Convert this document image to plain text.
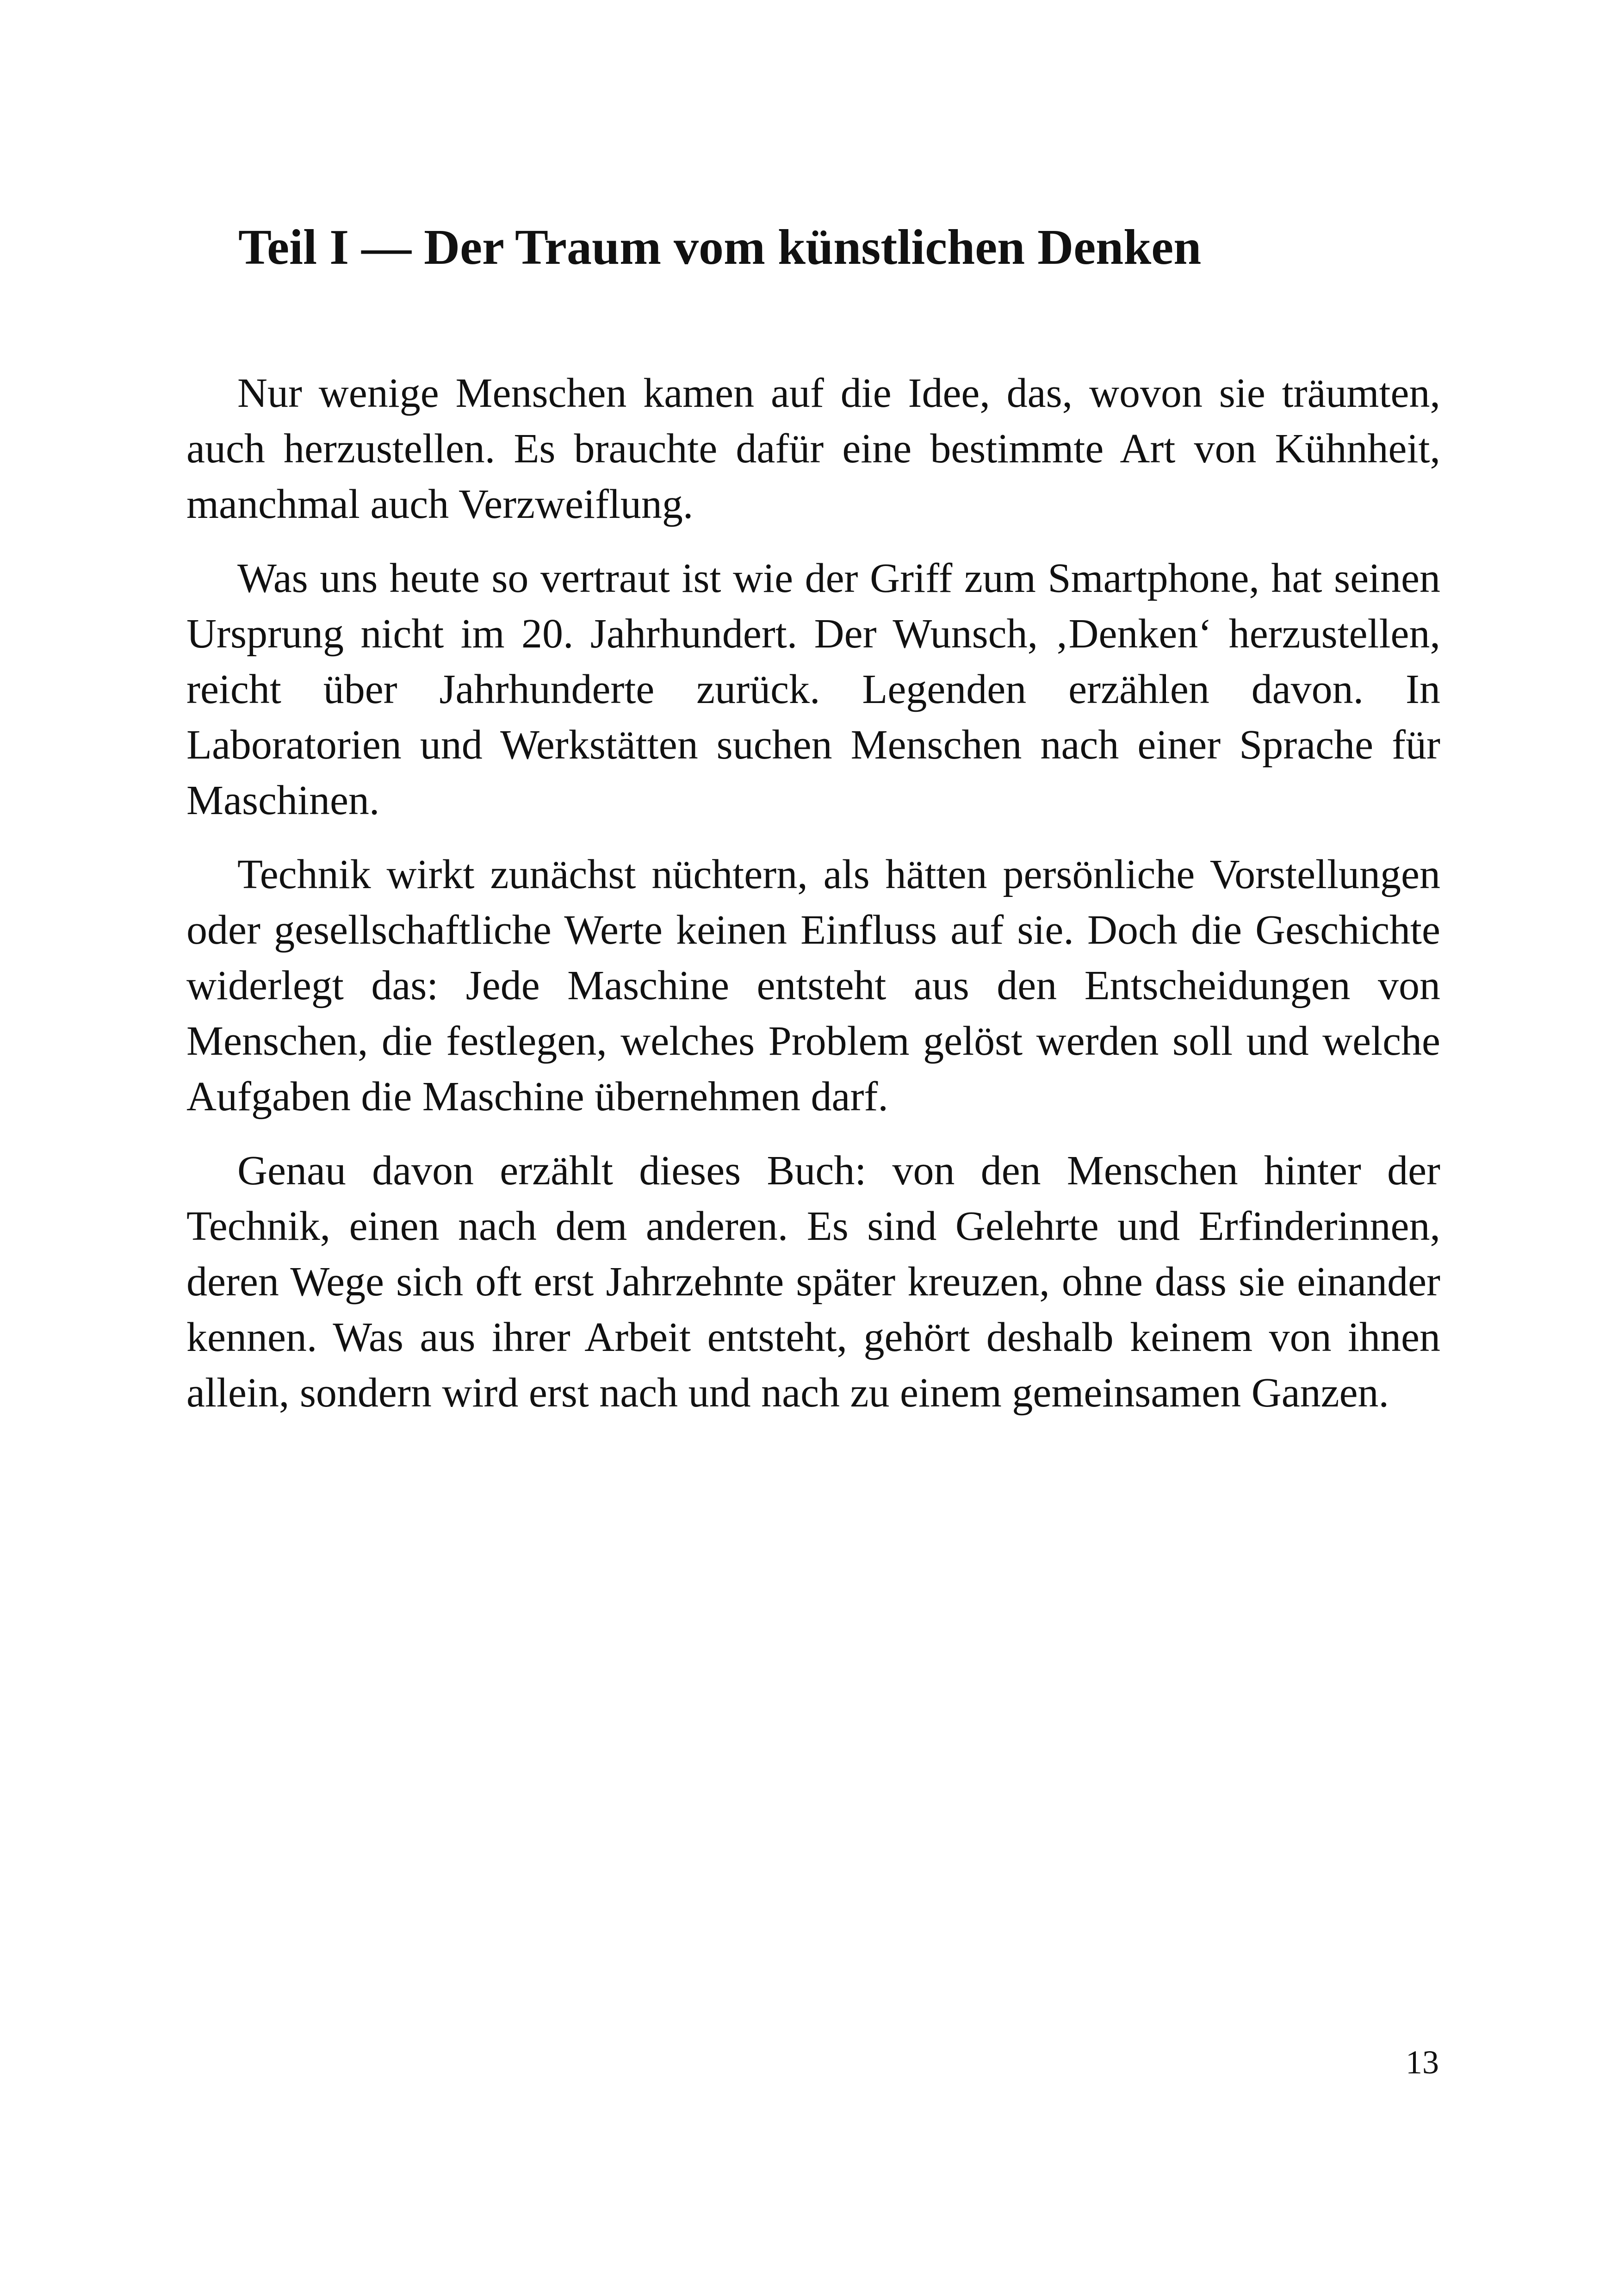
Teil I — Der Traum vom künstlichen Denken

Nur wenige Menschen kamen auf die Idee, das, wovon sie träumten, auch herzustellen. Es brauchte dafür eine bestimmte Art von Kühnheit, manchmal auch Verzweiflung.

Was uns heute so vertraut ist wie der Griff zum Smartphone, hat seinen Ursprung nicht im 20. Jahrhundert. Der Wunsch, ‚Denken‘ herzustellen, reicht über Jahrhunderte zurück. Legenden erzählen davon. In Laboratorien und Werkstätten suchen Menschen nach einer Sprache für Maschinen.

Technik wirkt zunächst nüchtern, als hätten persönliche Vorstellungen oder gesellschaftliche Werte keinen Einfluss auf sie. Doch die Geschichte widerlegt das: Jede Maschine entsteht aus den Entscheidungen von Menschen, die festlegen, welches Problem gelöst werden soll und welche Aufgaben die Maschine übernehmen darf.

Genau davon erzählt dieses Buch: von den Menschen hinter der Technik, einen nach dem anderen. Es sind Gelehrte und Erfinderinnen, deren Wege sich oft erst Jahrzehnte später kreuzen, ohne dass sie einander kennen. Was aus ihrer Arbeit entsteht, gehört deshalb keinem von ihnen allein, sondern wird erst nach und nach zu einem gemeinsamen Ganzen.

13
